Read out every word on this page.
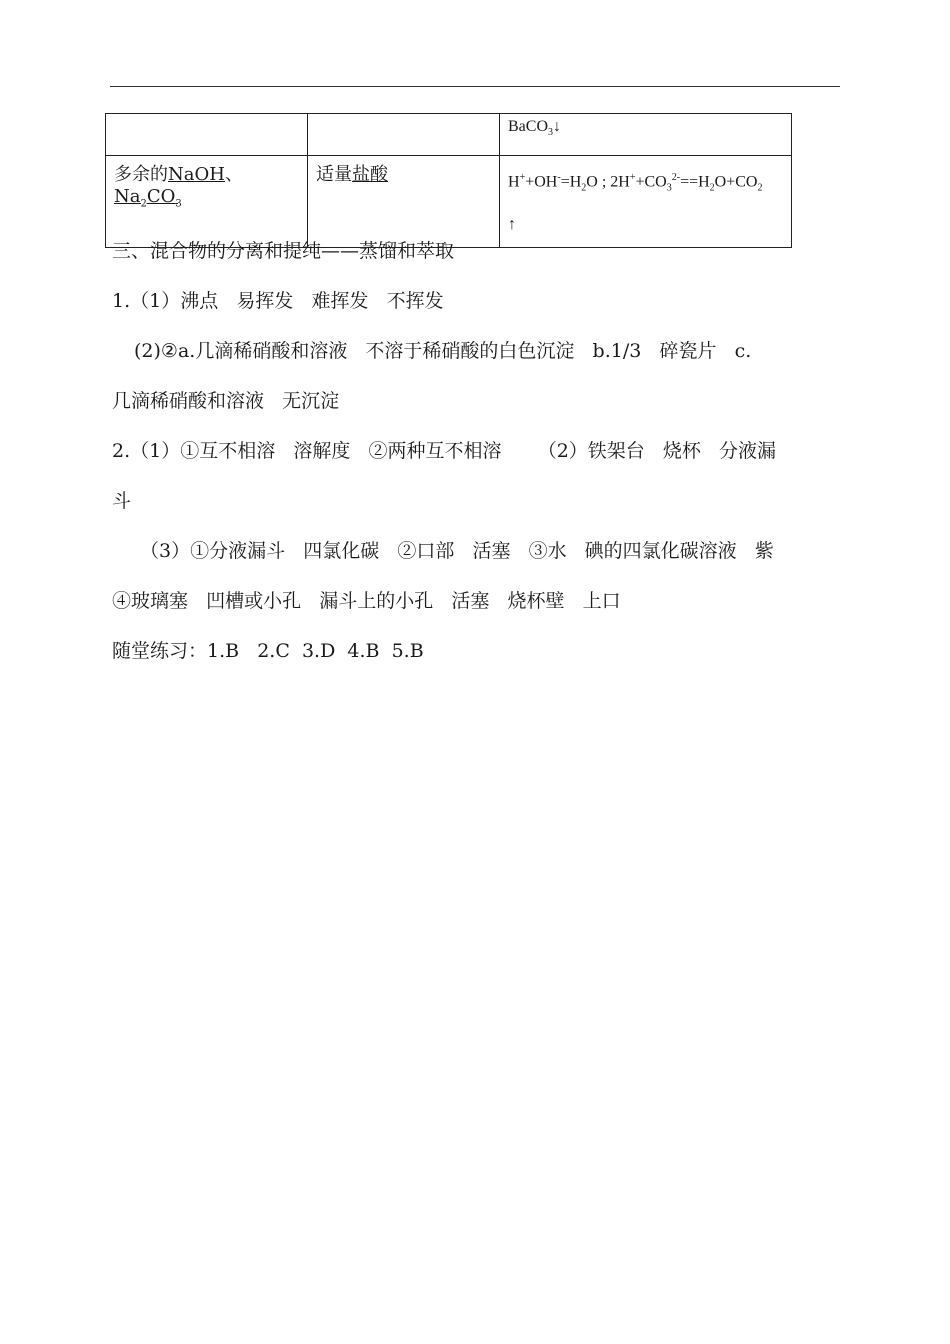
		BaCO$_3$↓
多余的NaOH、$Na_2CO_3$	适量盐酸	$H^++OH^-=H_2O$ ; $2H^++CO_3^{2-}==H_2O+CO_2$
↑

三、混合物的分离和提纯——蒸馏和萃取

1.（1）沸点   易挥发   难挥发   不挥发

(2)②a.几滴稀硝酸和溶液   不溶于稀硝酸的白色沉淀   b.1/3   碎瓷片   c.

几滴稀硝酸和溶液   无沉淀

2.（1）①互不相溶   溶解度   ②两种互不相溶      （2）铁架台   烧杯   分液漏

斗

（3）①分液漏斗   四氯化碳   ②口部   活塞   ③水   碘的四氯化碳溶液   紫

④玻璃塞   凹槽或小孔   漏斗上的小孔   活塞   烧杯壁   上口

随堂练习：1.B   2.C  3.D  4.B  5.B
